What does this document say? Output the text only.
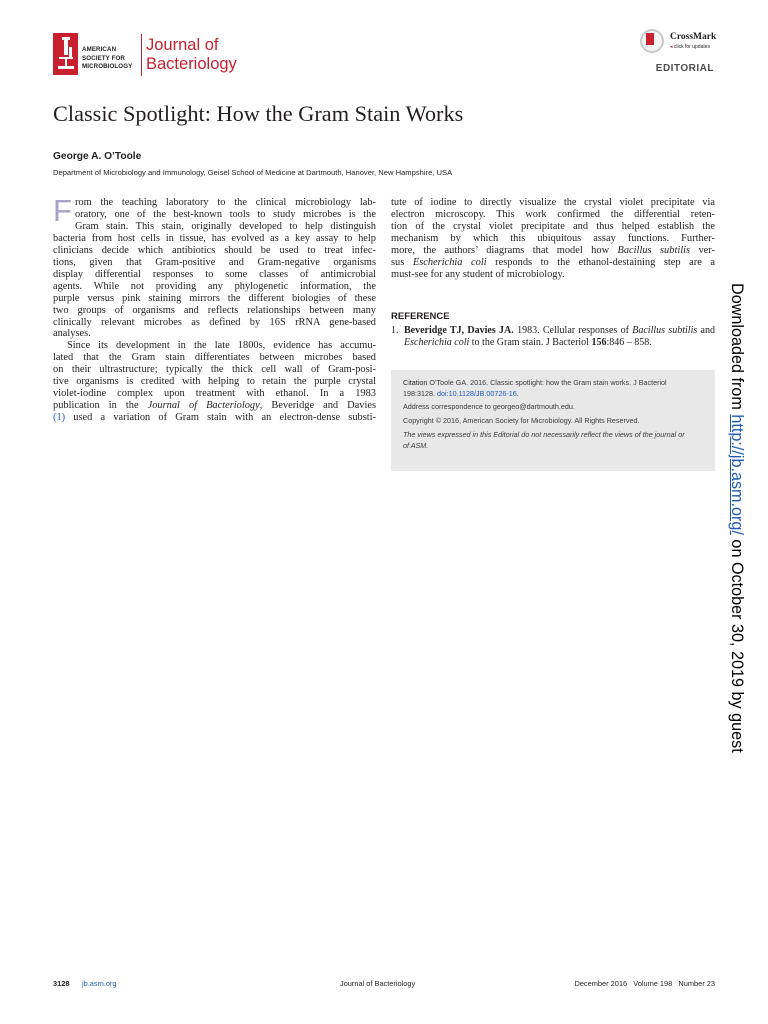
AMERICAN
SOCIETY FOR
MICROBIOLOGY
Journal of
Bacteriology
CrossMark
◂ click for updates
EDITORIAL
Classic Spotlight: How the Gram Stain Works
George A. O’Toole
Department of Microbiology and Immunology, Geisel School of Medicine at Dartmouth, Hanover, New Hampshire, USA
F rom the teaching laboratory to the clinical microbiology lab-
oratory, one of the best-known tools to study microbes is the
Gram stain. This stain, originally developed to help distinguish
bacteria from host cells in tissue, has evolved as a key assay to help
clinicians decide which antibiotics should be used to treat infec-
tions, given that Gram-positive and Gram-negative organisms
display differential responses to some classes of antimicrobial
agents. While not providing any phylogenetic information, the
purple versus pink staining mirrors the different biologies of these
two groups of organisms and reflects relationships between many
clinically relevant microbes as defined by 16S rRNA gene-based
analyses.
Since its development in the late 1800s, evidence has accumu-
lated that the Gram stain differentiates between microbes based
on their ultrastructure; typically the thick cell wall of Gram-posi-
tive organisms is credited with helping to retain the purple crystal
violet-iodine complex upon treatment with ethanol. In a 1983
publication in the Journal of Bacteriology, Beveridge and Davies
(1) used a variation of Gram stain with an electron-dense substi-
tute of iodine to directly visualize the crystal violet precipitate via
electron microscopy. This work confirmed the differential reten-
tion of the crystal violet precipitate and thus helped establish the
mechanism by which this ubiquitous assay functions. Further-
more, the authors’ diagrams that model how Bacillus subtilis ver-
sus Escherichia coli responds to the ethanol-destaining step are a
must-see for any student of microbiology.
REFERENCE
1. Beveridge TJ, Davies JA. 1983. Cellular responses of Bacillus subtilis and
Escherichia coli to the Gram stain. J Bacteriol 156:846 – 858.

Citation O’Toole GA. 2016. Classic spotlight: how the Gram stain works. J Bacteriol
198:3128. doi:10.1128/JB.00726-16.

Address correspondence to georgeo@dartmouth.edu.

Copyright © 2016, American Society for Microbiology. All Rights Reserved.

The views expressed in this Editorial do not necessarily reflect the views of the journal or
of ASM.

Downloaded from http://jb.asm.org/ on October 30, 2019 by guest
3128 jb.asm.org	Journal of Bacteriology	December 2016   Volume 198   Number 23
